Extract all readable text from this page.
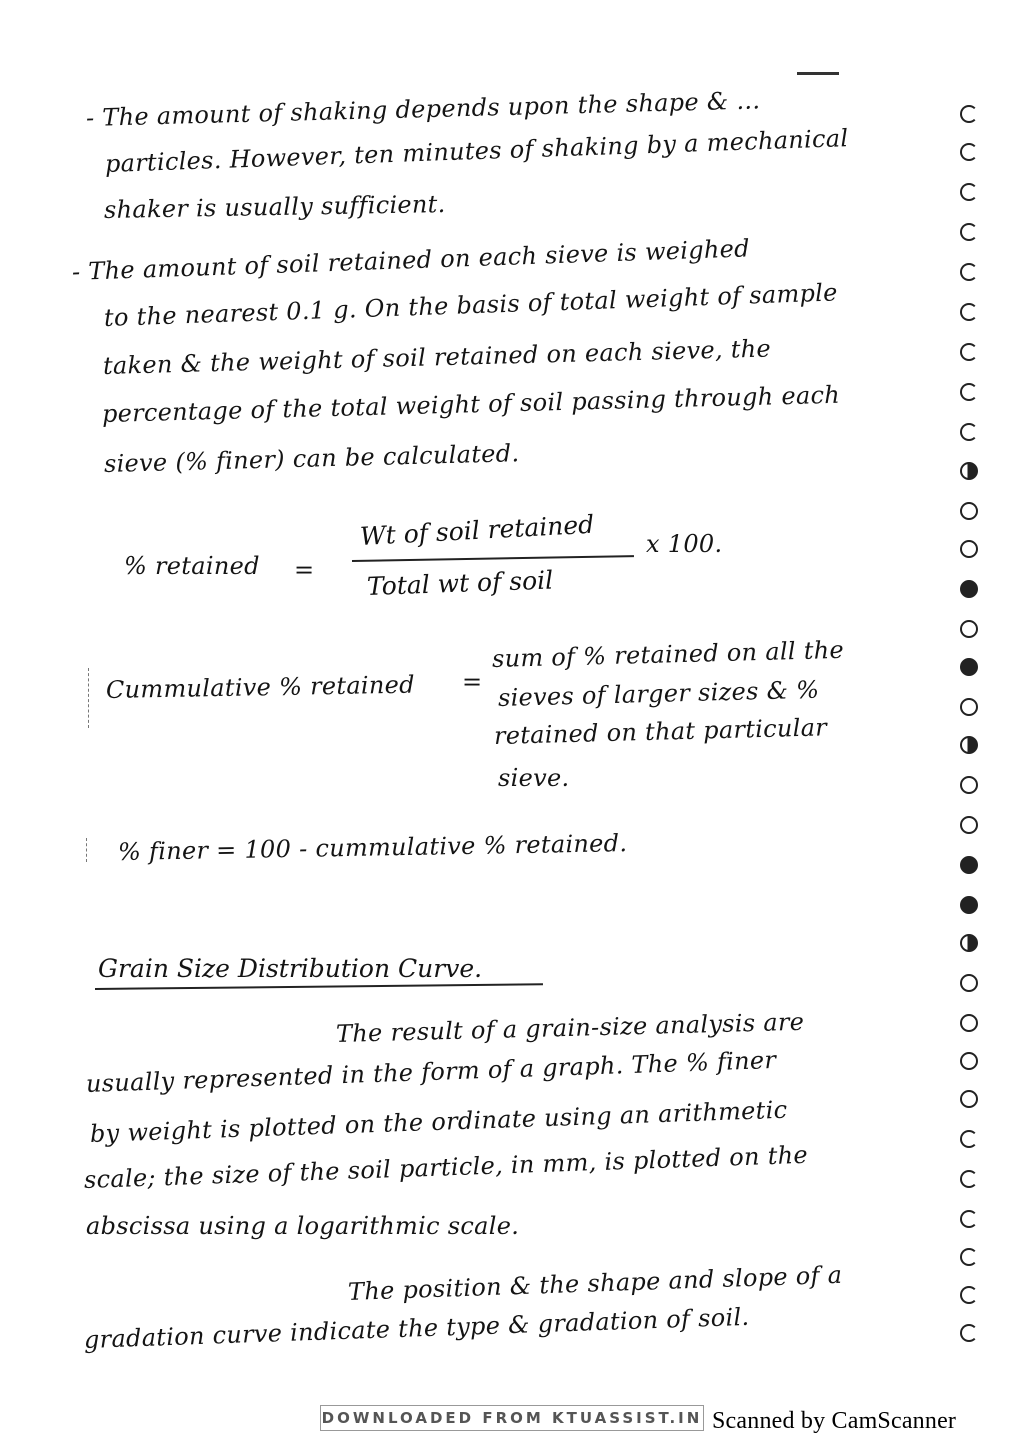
- The amount of shaking depends upon the shape & ...
particles. However, ten minutes of shaking by a mechanical
shaker is usually sufficient.
- The amount of soil retained on each sieve is weighed
to the nearest 0.1 g. On the basis of total weight of sample
taken & the weight of soil retained on each sieve, the
percentage of the total weight of soil passing through each
sieve (% finer) can be calculated.
% retained =
Wt of soil retained
Total wt of soil
x 100.
Cummulative % retained =
sum of % retained on all the
sieves of larger sizes & %
retained on that particular
sieve.
% finer = 100 - cummulative % retained.
Grain Size Distribution Curve.
The result of a grain-size analysis are
usually represented in the form of a graph. The % finer
by weight is plotted on the ordinate using an arithmetic
scale; the size of the soil particle, in mm, is plotted on the
abscissa using a logarithmic scale.
The position & the shape and slope of a
gradation curve indicate the type & gradation of soil.
DOWNLOADED FROM KTUASSIST.IN Scanned by CamScanner
